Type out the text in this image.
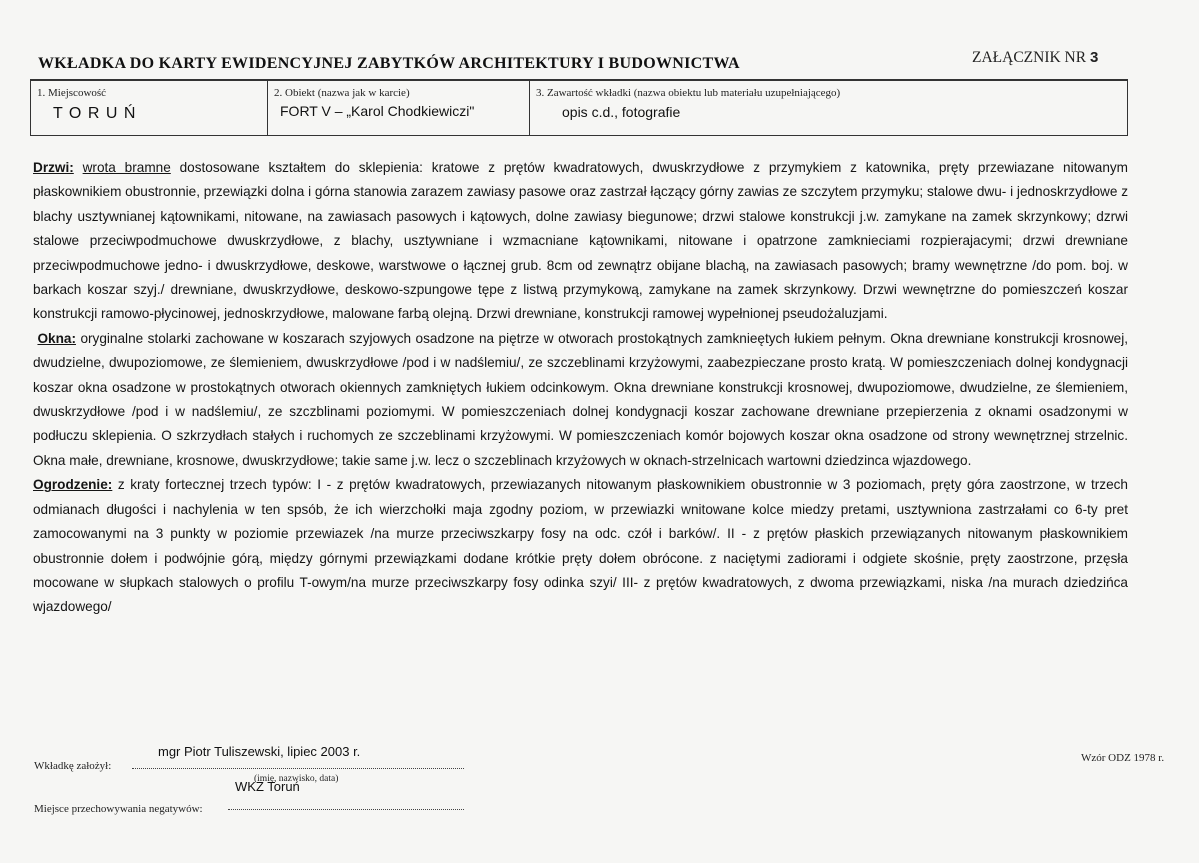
WKŁADKA DO KARTY EWIDENCYJNEJ ZABYTKÓW ARCHITEKTURY I BUDOWNICTWA	ZAŁĄCZNIK NR 3
1. Miejscowość
T O R U Ń
2. Obiekt (nazwa jak w karcie)
FORT V – „Karol Chodkiewiczi"
3. Zawartość wkładki (nazwa obiektu lub materiału uzupełniającego)
opis c.d., fotografie

Drzwi: wrota bramne dostosowane kształtem do sklepienia: kratowe z prętów kwadratowych, dwuskrzydłowe z przymykiem z katownika, pręty przewiazane nitowanym płaskownikiem obustronnie, przewiązki dolna i górna stanowia zarazem zawiasy pasowe oraz zastrzał łączący górny zawias ze szczytem przymyku; stalowe dwu- i jednoskrzydłowe z blachy usztywnianej kątownikami, nitowane, na zawiasach pasowych i kątowych, dolne zawiasy biegunowe; drzwi stalowe konstrukcji j.w. zamykane na zamek skrzynkowy; dzrwi stalowe przeciwpodmuchowe dwuskrzydłowe, z blachy, usztywniane i wzmacniane kątownikami, nitowane i opatrzone zamknieciami rozpierajacymi; drzwi drewniane przeciwpodmuchowe jedno- i dwuskrzydłowe, deskowe, warstwowe o łącznej grub. 8cm od zewnątrz obijane blachą, na zawiasach pasowych; bramy wewnętrzne /do pom. boj. w barkach koszar szyj./ drewniane, dwuskrzydłowe, deskowo-szpungowe tępe z listwą przymykową, zamykane na zamek skrzynkowy. Drzwi wewnętrzne do pomieszczeń koszar konstrukcji ramowo-płycinowej, jednoskrzydłowe, malowane farbą olejną. Drzwi drewniane, konstrukcji ramowej wypełnionej pseudożaluzjami.

Okna: oryginalne stolarki zachowane w koszarach szyjowych osadzone na piętrze w otworach prostokątnych zamknieętych łukiem pełnym. Okna drewniane konstrukcji krosnowej, dwudzielne, dwupoziomowe, ze ślemieniem, dwuskrzydłowe /pod i w nadślemiu/, ze szczeblinami krzyżowymi, zaabezpieczane prosto kratą. W pomieszczeniach dolnej kondygnacji koszar okna osadzone w prostokątnych otworach okiennych zamkniętych łukiem odcinkowym. Okna drewniane konstrukcji krosnowej, dwupoziomowe, dwudzielne, ze ślemieniem, dwuskrzydłowe /pod i w nadślemiu/, ze szczblinami poziomymi. W pomieszczeniach dolnej kondygnacji koszar zachowane drewniane przepierzenia z oknami osadzonymi w podłuczu sklepienia. O szkrzydłach stałych i ruchomych ze szczeblinami krzyżowymi. W pomieszczeniach komór bojowych koszar okna osadzone od strony wewnętrznej strzelnic. Okna małe, drewniane, krosnowe, dwuskrzydłowe; takie same j.w. lecz o szczeblinach krzyżowych w oknach-strzelnicach wartowni dziedzinca wjazdowego.

Ogrodzenie: z kraty fortecznej trzech typów: I - z prętów kwadratowych, przewiazanych nitowanym płaskownikiem obustronnie w 3 poziomach, pręty góra zaostrzone, w trzech odmianach długości i nachylenia w ten spsób, że ich wierzchołki maja zgodny poziom, w przewiazki wnitowane kolce miedzy pretami, usztywniona zastrzałami co 6-ty pret zamocowanymi na 3 punkty w poziomie przewiazek /na murze przeciwszkarpy fosy na odc. czół i barków/. II - z prętów płaskich przewiązanych nitowanym płaskownikiem obustronnie dołem i podwójnie górą, między górnymi przewiązkami dodane krótkie pręty dołem obrócone. z naciętymi zadiorami i odgiete skośnie, pręty zaostrzone, przęsła mocowane w słupkach stalowych o profilu T-owym/na murze przeciwszkarpy fosy odinka szyi/ III- z prętów kwadratowych, z dwoma przewiązkami, niska /na murach dziedzińca wjazdowego/

mgr Piotr Tuliszewski, lipiec 2003 r.
Wkładkę założył:
(imię, nazwisko, data)
WKZ Toruń
Miejsce przechowywania negatywów:
Wzór ODZ 1978 r.
